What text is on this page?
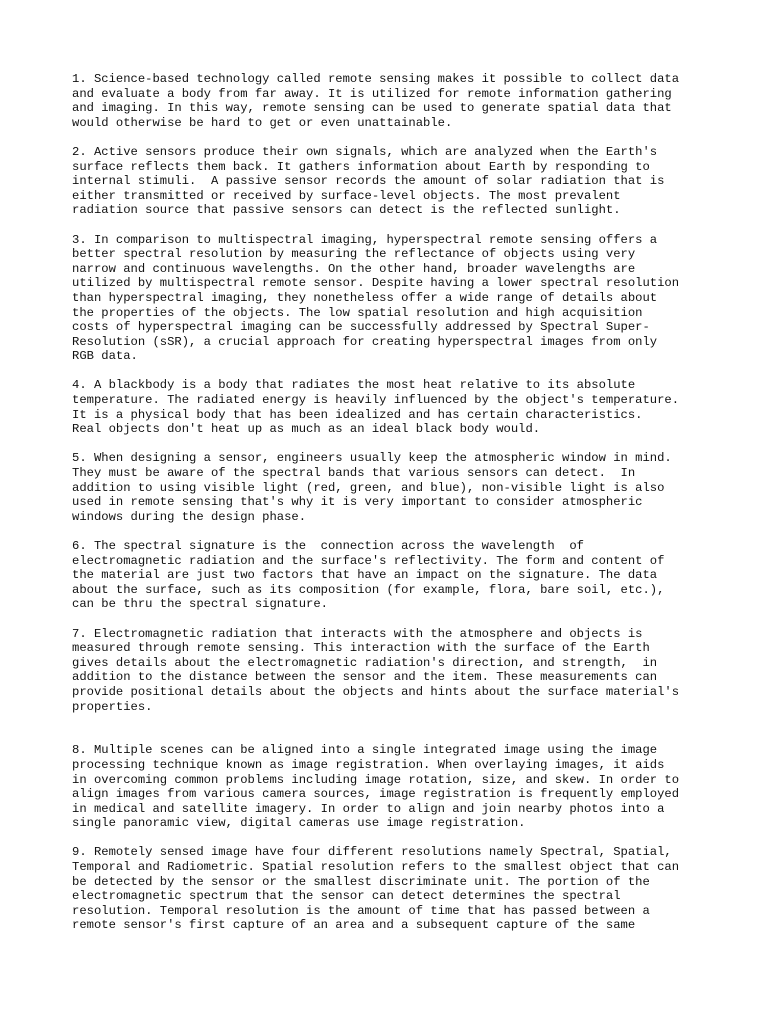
1. Science-based technology called remote sensing makes it possible to collect data
and evaluate a body from far away. It is utilized for remote information gathering
and imaging. In this way, remote sensing can be used to generate spatial data that
would otherwise be hard to get or even unattainable.

2. Active sensors produce their own signals, which are analyzed when the Earth's
surface reflects them back. It gathers information about Earth by responding to
internal stimuli.  A passive sensor records the amount of solar radiation that is
either transmitted or received by surface-level objects. The most prevalent
radiation source that passive sensors can detect is the reflected sunlight.

3. In comparison to multispectral imaging, hyperspectral remote sensing offers a
better spectral resolution by measuring the reflectance of objects using very
narrow and continuous wavelengths. On the other hand, broader wavelengths are
utilized by multispectral remote sensor. Despite having a lower spectral resolution
than hyperspectral imaging, they nonetheless offer a wide range of details about
the properties of the objects. The low spatial resolution and high acquisition
costs of hyperspectral imaging can be successfully addressed by Spectral Super-
Resolution (sSR), a crucial approach for creating hyperspectral images from only
RGB data.

4. A blackbody is a body that radiates the most heat relative to its absolute
temperature. The radiated energy is heavily influenced by the object's temperature.
It is a physical body that has been idealized and has certain characteristics.
Real objects don't heat up as much as an ideal black body would.

5. When designing a sensor, engineers usually keep the atmospheric window in mind.
They must be aware of the spectral bands that various sensors can detect.  In
addition to using visible light (red, green, and blue), non-visible light is also
used in remote sensing that's why it is very important to consider atmospheric
windows during the design phase.

6. The spectral signature is the  connection across the wavelength  of
electromagnetic radiation and the surface's reflectivity. The form and content of
the material are just two factors that have an impact on the signature. The data
about the surface, such as its composition (for example, flora, bare soil, etc.),
can be thru the spectral signature.

7. Electromagnetic radiation that interacts with the atmosphere and objects is
measured through remote sensing. This interaction with the surface of the Earth
gives details about the electromagnetic radiation's direction, and strength,  in
addition to the distance between the sensor and the item. These measurements can
provide positional details about the objects and hints about the surface material's
properties.

8. Multiple scenes can be aligned into a single integrated image using the image
processing technique known as image registration. When overlaying images, it aids
in overcoming common problems including image rotation, size, and skew. In order to
align images from various camera sources, image registration is frequently employed
in medical and satellite imagery. In order to align and join nearby photos into a
single panoramic view, digital cameras use image registration.

9. Remotely sensed image have four different resolutions namely Spectral, Spatial,
Temporal and Radiometric. Spatial resolution refers to the smallest object that can
be detected by the sensor or the smallest discriminate unit. The portion of the
electromagnetic spectrum that the sensor can detect determines the spectral
resolution. Temporal resolution is the amount of time that has passed between a
remote sensor's first capture of an area and a subsequent capture of the same
